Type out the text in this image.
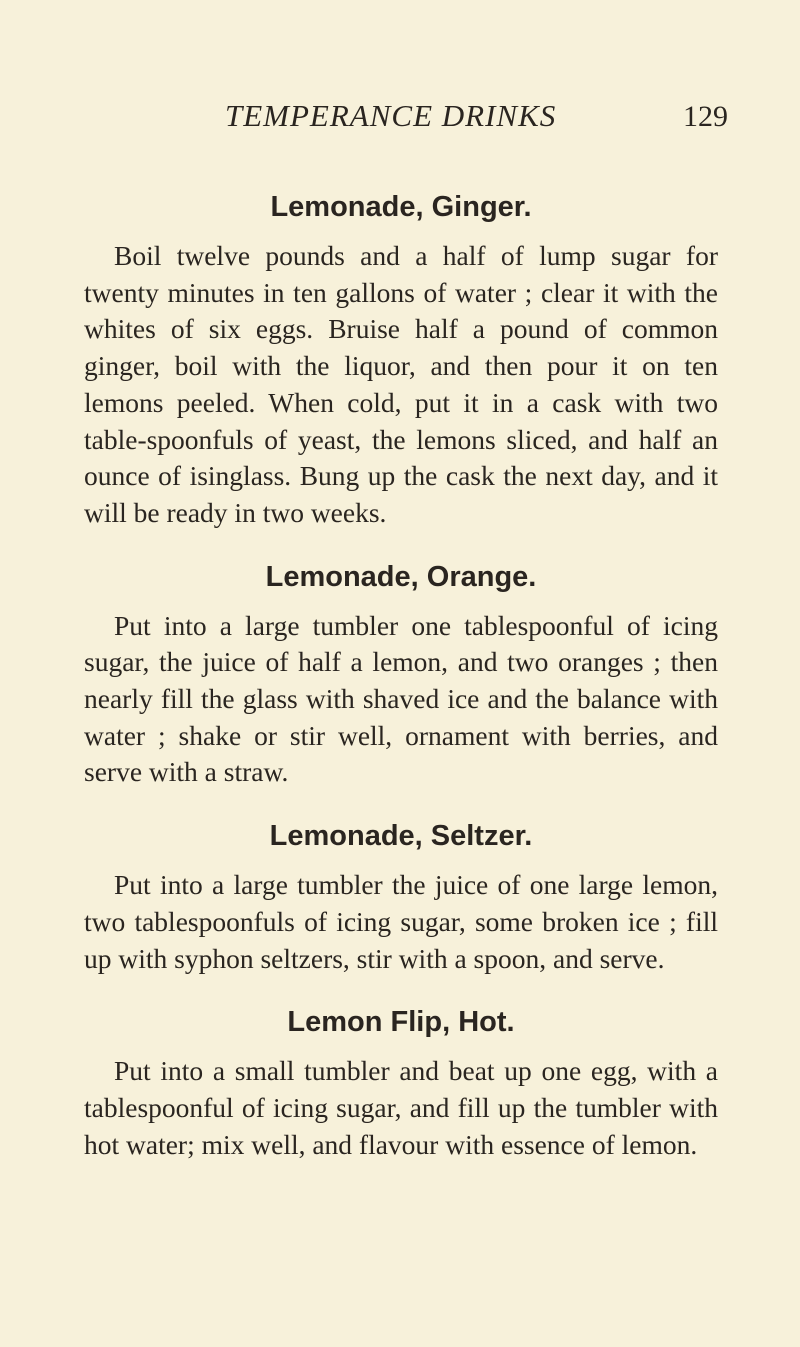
TEMPERANCE DRINKS	129
Lemonade, Ginger.

Boil twelve pounds and a half of lump sugar for twenty minutes in ten gallons of water ; clear it with the whites of six eggs. Bruise half a pound of common ginger, boil with the liquor, and then pour it on ten lemons peeled. When cold, put it in a cask with two table-spoonfuls of yeast, the lemons sliced, and half an ounce of isinglass. Bung up the cask the next day, and it will be ready in two weeks.

Lemonade, Orange.

Put into a large tumbler one tablespoonful of icing sugar, the juice of half a lemon, and two oranges ; then nearly fill the glass with shaved ice and the balance with water ; shake or stir well, ornament with berries, and serve with a straw.

Lemonade, Seltzer.

Put into a large tumbler the juice of one large lemon, two tablespoonfuls of icing sugar, some broken ice ; fill up with syphon seltzers, stir with a spoon, and serve.

Lemon Flip, Hot.

Put into a small tumbler and beat up one egg, with a tablespoonful of icing sugar, and fill up the tumbler with hot water; mix well, and flavour with essence of lemon.
